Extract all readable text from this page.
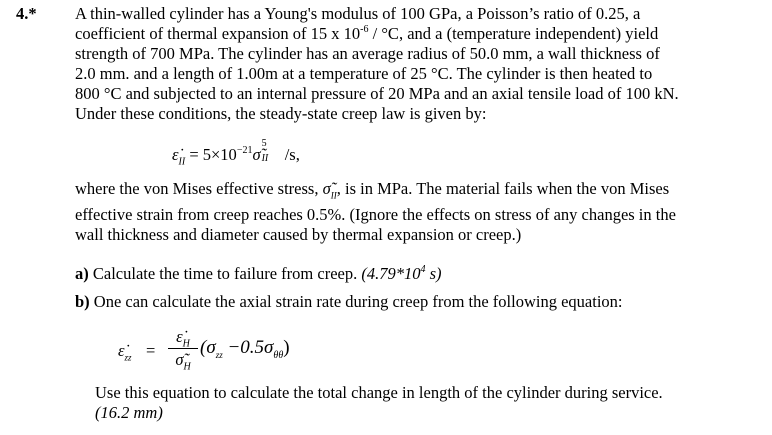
4.* A thin-walled cylinder has a Young's modulus of 100 GPa, a Poisson’s ratio of 0.25, a
coefficient of thermal expansion of 15 x $10^{-6} / ^\circ C$, and a (temperature independent) yield
strength of 700 MPa. The cylinder has an average radius of 50.0 mm, a wall thickness of
2.0 mm. and a length of 1.00m at a temperature of 25 °C. The cylinder is then heated to
800 °C and subjected to an internal pressure of 20 MPa and an axial tensile load of 100 kN.
Under these conditions, the steady-state creep law is given by:
$\varepsiloṅ_{II}$ = $5\times 10^{-21}\sigmã$
5
II /s,
where the von Mises effective stress, $\sigmã_{II}$, is in MPa. The material fails when the von Mises
effective strain from creep reaches 0.5%. (Ignore the effects on stress of any changes in the
wall thickness and diameter caused by thermal expansion or creep.)
a) Calculate the time to failure from creep. ($4.79*10^4$ s)
b) One can calculate the axial strain rate during creep from the following equation:
$\varepsiloṅ_{zz} = \frac{\varepsiloṅ_H}{\sigmã_H} (\sigma_{zz} -0.5\sigma_{\theta\theta})$
Use this equation to calculate the total change in length of the cylinder during service.
(16.2 mm)
